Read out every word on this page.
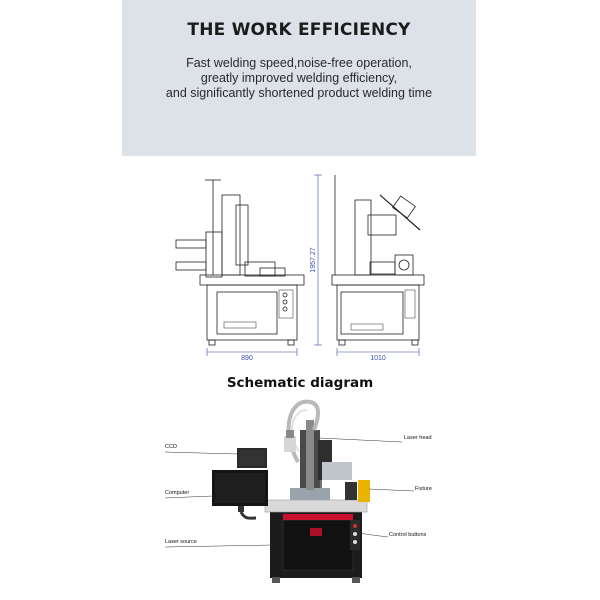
THE WORK EFFICIENCY
Fast welding speed,noise-free operation,
greatly improved welding efficiency,
and significantly shortened product welding time
890	1010
1957.27
Schematic diagram
CCD
Computer
Laser source
Laser head
Fixture
Control buttons
